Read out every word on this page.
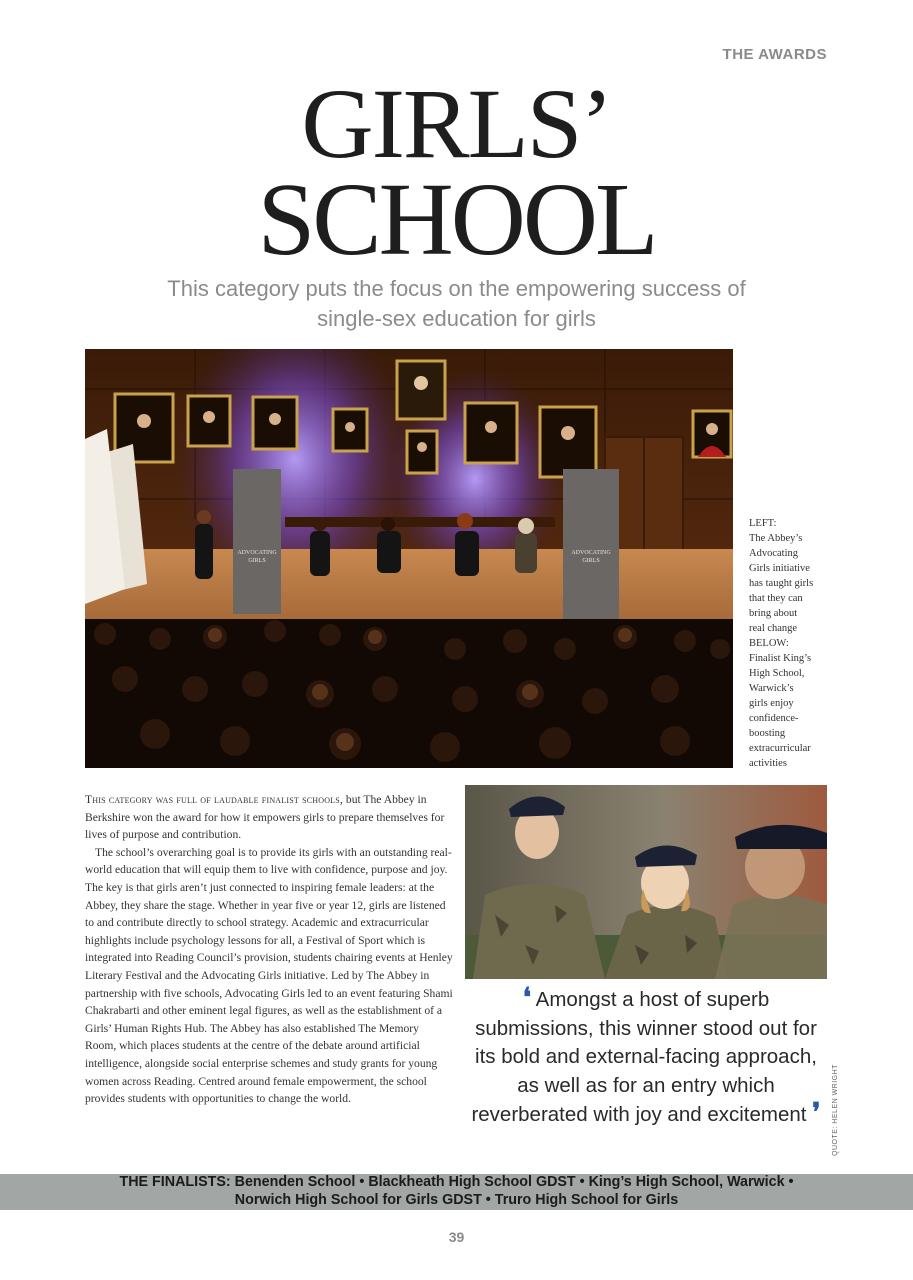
THE AWARDS
GIRLS’
SCHOOL
This category puts the focus on the empowering success of single-sex education for girls
ADVOCATING
GIRLS
ADVOCATING
GIRLS
LEFT:
The Abbey’s
Advocating
Girls initiative
has taught girls
that they can
bring about
real change
BELOW:
Finalist King’s
High School,
Warwick’s
girls enjoy
confidence-
boosting
extracurricular
activities

This category was full of laudable finalist schools, but The Abbey in Berkshire won the award for how it empowers girls to prepare themselves for lives of purpose and contribution.

The school’s overarching goal is to provide its girls with an outstanding real-world education that will equip them to live with confidence, purpose and joy. The key is that girls aren’t just connected to inspiring female leaders: at the Abbey, they share the stage. Whether in year five or year 12, girls are listened to and contribute directly to school strategy. Academic and extracurricular highlights include psychology lessons for all, a Festival of Sport which is integrated into Reading Council’s provision, students chairing events at Henley Literary Festival and the Advocating Girls initiative. Led by The Abbey in partnership with five schools, Advocating Girls led to an event featuring Shami Chakrabarti and other eminent legal figures, as well as the establishment of a Girls’ Human Rights Hub. The Abbey has also established The Memory Room, which places students at the centre of the debate around artificial intelligence, alongside social enterprise schemes and study grants for young women across Reading. Centred around female empowerment, the school provides students with opportunities to change the world.

❛ Amongst a host of superb submissions, this winner stood out for its bold and external-facing approach, as well as for an entry which reverberated with joy and excitement ❜	QUOTE: HELEN WRIGHT
THE FINALISTS: Benenden School • Blackheath High School GDST • King’s High School, Warwick •
Norwich High School for Girls GDST • Truro High School for Girls
39
